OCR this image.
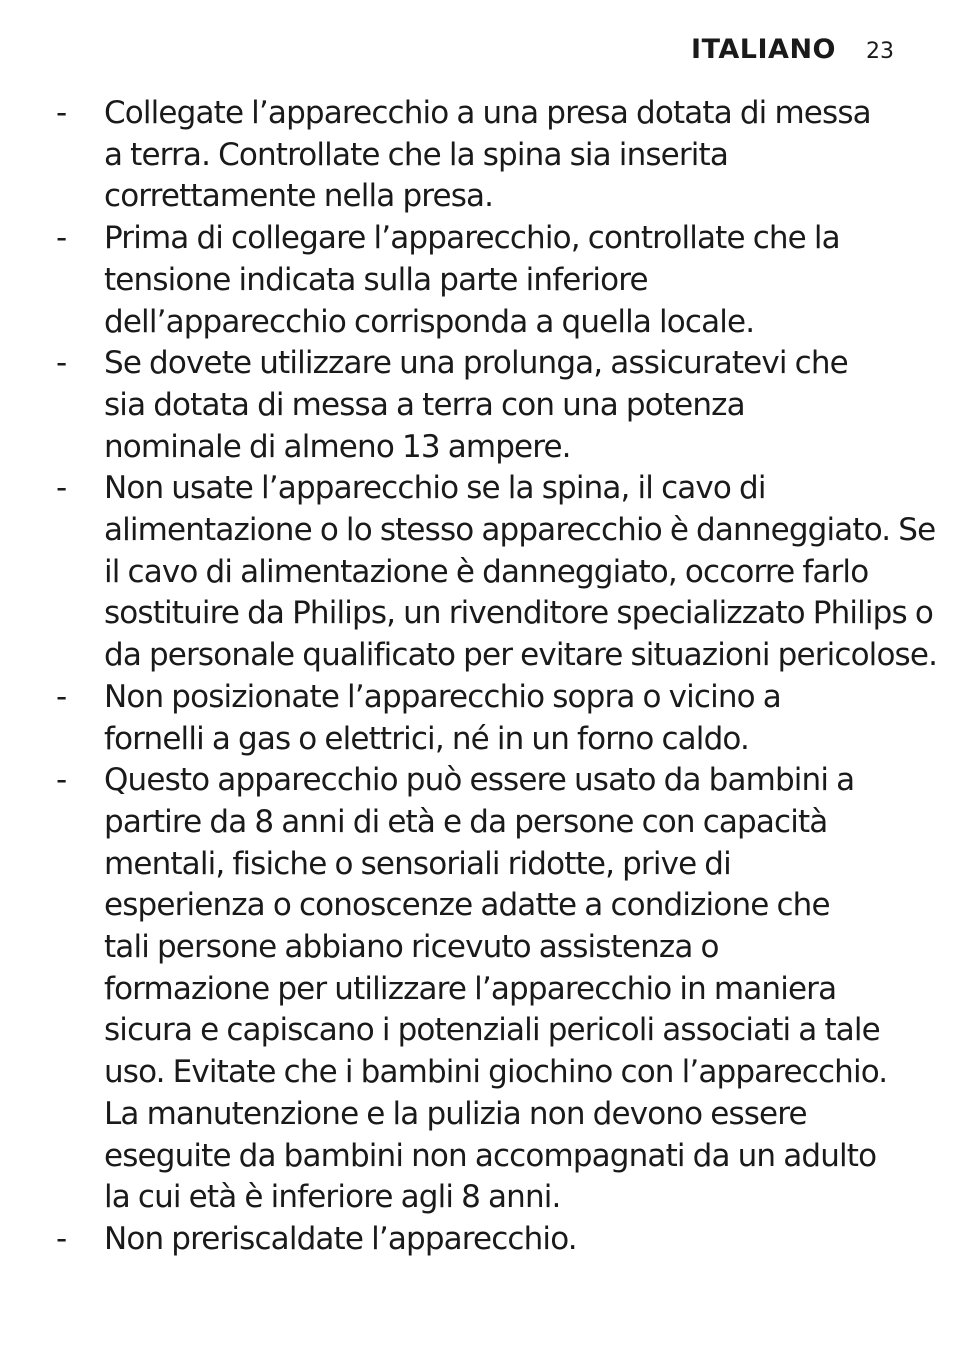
ITALIANO 23
-	Collegate l’apparecchio a una presa dotata di messa
a terra. Controllate che la spina sia inserita
correttamente nella presa.
-	Prima di collegare l’apparecchio, controllate che la
tensione indicata sulla parte inferiore
dell’apparecchio corrisponda a quella locale.
-	Se dovete utilizzare una prolunga, assicuratevi che
sia dotata di messa a terra con una potenza
nominale di almeno 13 ampere.
-	Non usate l’apparecchio se la spina, il cavo di
alimentazione o lo stesso apparecchio è danneggiato. Se
il cavo di alimentazione è danneggiato, occorre farlo
sostituire da Philips, un rivenditore specializzato Philips o
da personale qualificato per evitare situazioni pericolose.
-	Non posizionate l’apparecchio sopra o vicino a
fornelli a gas o elettrici, né in un forno caldo.
-	Questo apparecchio può essere usato da bambini a
partire da 8 anni di età e da persone con capacità
mentali, fisiche o sensoriali ridotte, prive di
esperienza o conoscenze adatte a condizione che
tali persone abbiano ricevuto assistenza o
formazione per utilizzare l’apparecchio in maniera
sicura e capiscano i potenziali pericoli associati a tale
uso. Evitate che i bambini giochino con l’apparecchio.
La manutenzione e la pulizia non devono essere
eseguite da bambini non accompagnati da un adulto
la cui età è inferiore agli 8 anni.
-	Non preriscaldate l’apparecchio.
